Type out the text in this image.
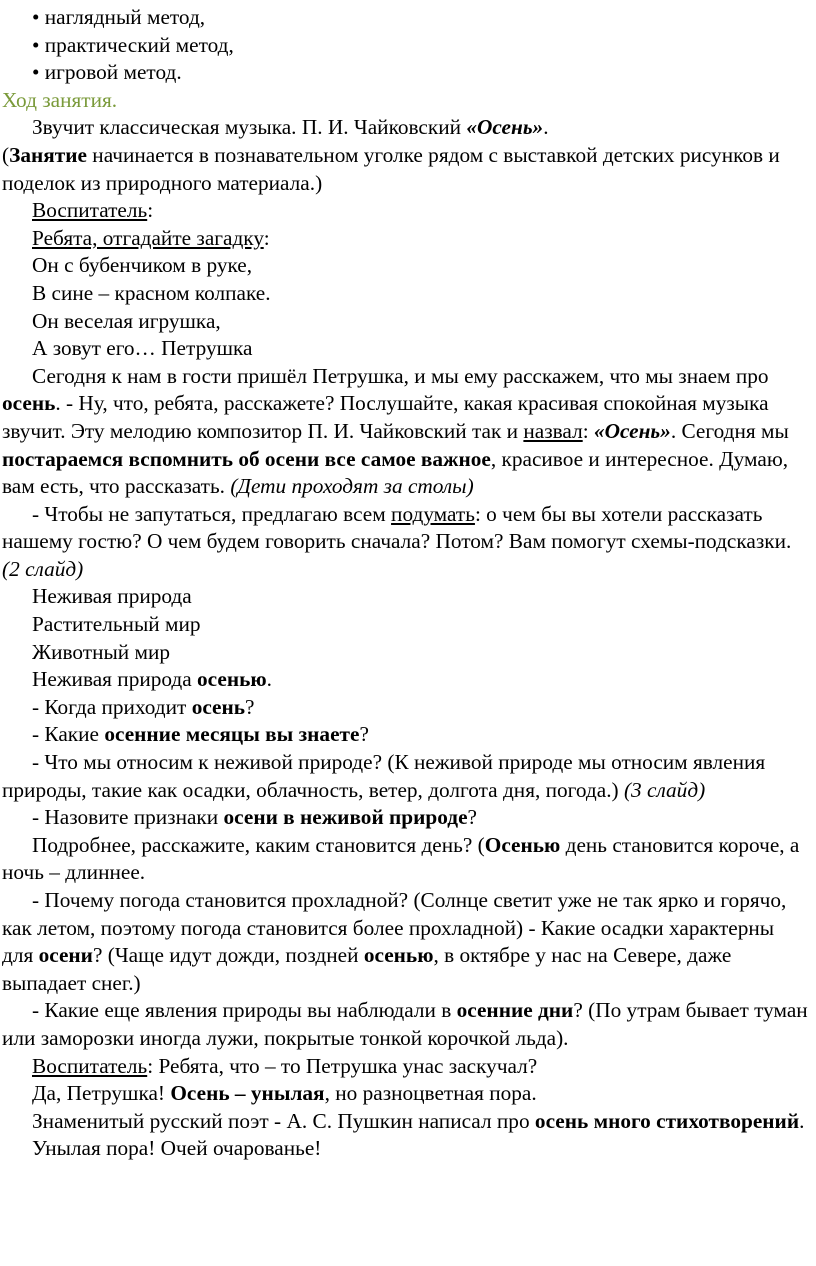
• наглядный метод,

• практический метод,

• игровой метод.

Ход занятия.

Звучит классическая музыка. П. И. Чайковский «Осень».

(Занятие начинается в познавательном уголке рядом с выставкой детских рисунков и поделок из природного материала.)

Воспитатель:

Ребята, отгадайте загадку:

Он с бубенчиком в руке,

В сине – красном колпаке.

Он веселая игрушка,

А зовут его… Петрушка

Сегодня к нам в гости пришёл Петрушка, и мы ему расскажем, что мы знаем про осень. - Ну, что, ребята, расскажете? Послушайте, какая красивая спокойная музыка звучит. Эту мелодию композитор П. И. Чайковский так и назвал: «Осень». Сегодня мы постараемся вспомнить об осени все самое важное, красивое и интересное. Думаю, вам есть, что рассказать. (Дети проходят за столы)

- Чтобы не запутаться, предлагаю всем подумать: о чем бы вы хотели рассказать нашему гостю? О чем будем говорить сначала? Потом? Вам помогут схемы-подсказки. (2 слайд)

Неживая природа

Растительный мир

Животный мир

Неживая природа осенью.

- Когда приходит осень?

- Какие осенние месяцы вы знаете?

- Что мы относим к неживой природе? (К неживой природе мы относим явления природы, такие как осадки, облачность, ветер, долгота дня, погода.) (3 слайд)

- Назовите признаки осени в неживой природе?

Подробнее, расскажите, каким становится день? (Осенью день становится короче, а ночь – длиннее.

- Почему погода становится прохладной? (Солнце светит уже не так ярко и горячо, как летом, поэтому погода становится более прохладной) - Какие осадки характерны для осени? (Чаще идут дожди, поздней осенью, в октябре у нас на Севере, даже выпадает снег.)

- Какие еще явления природы вы наблюдали в осенние дни? (По утрам бывает туман или заморозки иногда лужи, покрытые тонкой корочкой льда).

Воспитатель: Ребята, что – то Петрушка унас заскучал?

Да, Петрушка! Осень – унылая, но разноцветная пора.

Знаменитый русский поэт - А. С. Пушкин написал про осень много стихотворений.

Унылая пора! Очей очарованье!
